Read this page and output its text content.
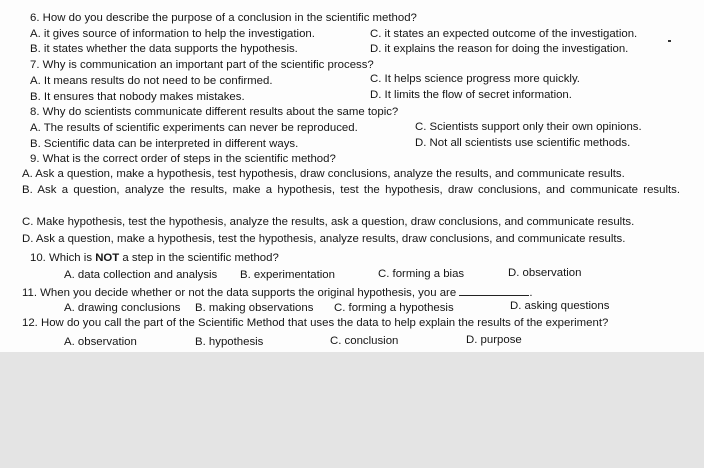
6. How do you describe the purpose of a conclusion in the scientific method?
A. it gives source of information to help the investigation.	C. it states an expected outcome of the investigation.
B. it states whether the data supports the hypothesis.	D. it explains the reason for doing the investigation.
7. Why is communication an important part of the scientific process?
A. It means results do not need to be confirmed.	C. It helps science progress more quickly.
B. It ensures that nobody makes mistakes.	D. It limits the flow of secret information.
8. Why do scientists communicate different results about the same topic?
A. The results of scientific experiments can never be reproduced.	C. Scientists support only their own opinions.
B. Scientific data can be interpreted in different ways.	D. Not all scientists use scientific methods.
9. What is the correct order of steps in the scientific method?
A. Ask a question, make a hypothesis, test hypothesis, draw conclusions, analyze the results, and communicate results.
B. Ask a question, analyze the results, make a hypothesis, test the hypothesis, draw conclusions, and communicate results.
C. Make hypothesis, test the hypothesis, analyze the results, ask a question, draw conclusions, and communicate results.
D. Ask a question, make a hypothesis, test the hypothesis, analyze results, draw conclusions, and communicate results.
10. Which is NOT a step in the scientific method?
A. data collection and analysis B. experimentation	C. forming a bias	D. observation
11. When you decide whether or not the data supports the original hypothesis, you are	.
A. drawing conclusions B. making observations C. forming a hypothesis	D. asking questions
12. How do you call the part of the Scientific Method that uses the data to help explain the results of the experiment?
A. observation	B. hypothesis	C. conclusion	D. purpose
